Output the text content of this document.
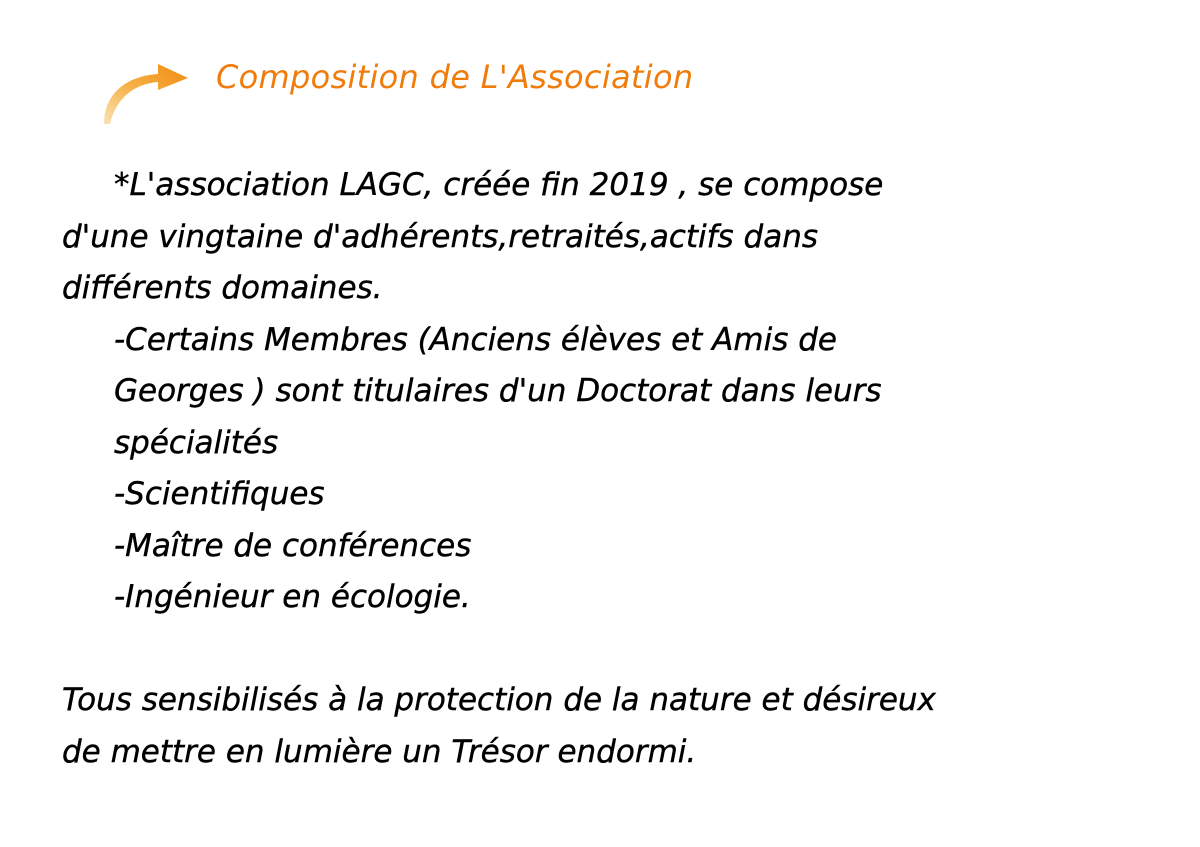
Composition de L'Association
*L'association LAGC, créée fin 2019 , se compose
d'une vingtaine d'adhérents,retraités,actifs dans
différents domaines.
-Certains Membres (Anciens élèves et Amis de
Georges ) sont titulaires d'un Doctorat dans leurs
spécialités
-Scientifiques
-Maître de conférences
-Ingénieur en écologie.
Tous sensibilisés à la protection de la nature et désireux
de mettre en lumière un Trésor endormi.
